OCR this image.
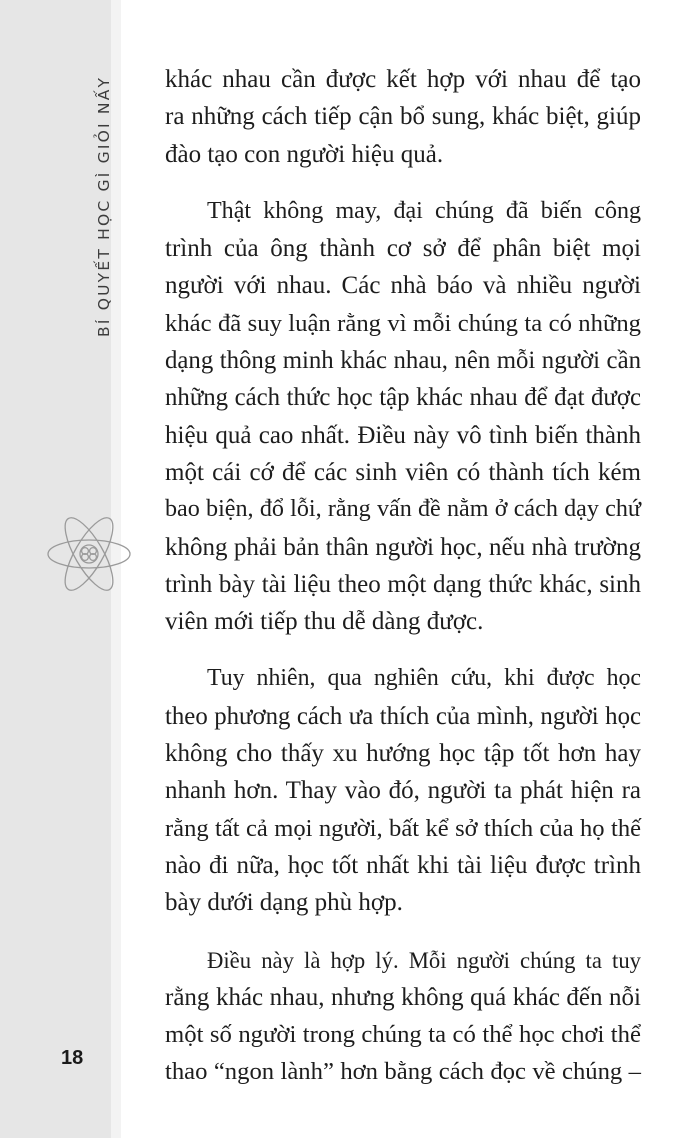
BÍ QUYẾT HỌC GÌ GIỎI NẤY
18

khác nhau cần được kết hợp với nhau để tạo
ra những cách tiếp cận bổ sung, khác biệt, giúp
đào tạo con người hiệu quả.

Thật không may, đại chúng đã biến công
trình của ông thành cơ sở để phân biệt mọi
người với nhau. Các nhà báo và nhiều người
khác đã suy luận rằng vì mỗi chúng ta có những
dạng thông minh khác nhau, nên mỗi người cần
những cách thức học tập khác nhau để đạt được
hiệu quả cao nhất. Điều này vô tình biến thành
một cái cớ để các sinh viên có thành tích kém
bao biện, đổ lỗi, rằng vấn đề nằm ở cách dạy chứ
không phải bản thân người học, nếu nhà trường
trình bày tài liệu theo một dạng thức khác, sinh
viên mới tiếp thu dễ dàng được.

Tuy nhiên, qua nghiên cứu, khi được học
theo phương cách ưa thích của mình, người học
không cho thấy xu hướng học tập tốt hơn hay
nhanh hơn. Thay vào đó, người ta phát hiện ra
rằng tất cả mọi người, bất kể sở thích của họ thế
nào đi nữa, học tốt nhất khi tài liệu được trình
bày dưới dạng phù hợp.

Điều này là hợp lý. Mỗi người chúng ta tuy
rằng khác nhau, nhưng không quá khác đến nỗi
một số người trong chúng ta có thể học chơi thể
thao “ngon lành” hơn bằng cách đọc về chúng –
